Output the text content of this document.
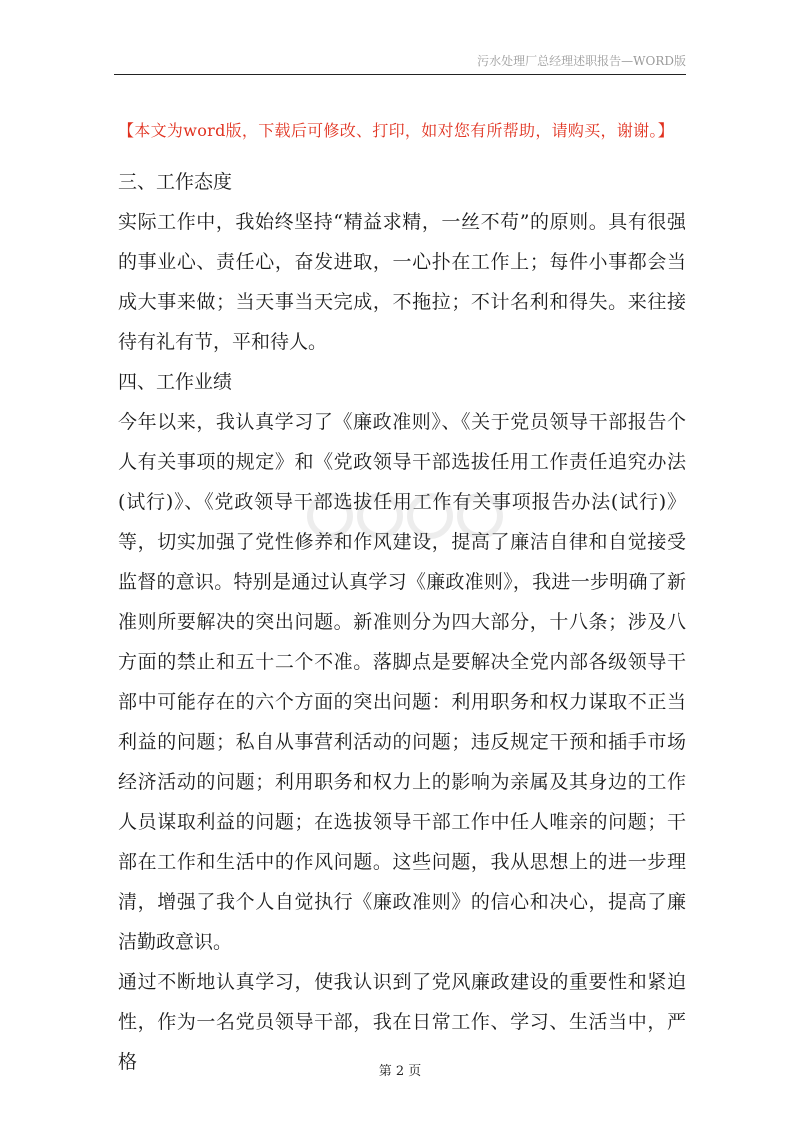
污水处理厂总经理述职报告—WORD版
【本文为word版，下载后可修改、打印，如对您有所帮助，请购买，谢谢。】

三、工作态度

实际工作中，我始终坚持“精益求精，一丝不苟”的原则。具有很强的事业心、责任心，奋发进取，一心扑在工作上；每件小事都会当成大事来做；当天事当天完成，不拖拉；不计名利和得失。来往接待有礼有节，平和待人。

四、工作业绩

今年以来，我认真学习了《廉政准则》、《关于党员领导干部报告个人有关事项的规定》和《党政领导干部选拔任用工作责任追究办法(试行)》、《党政领导干部选拔任用工作有关事项报告办法(试行)》等，切实加强了党性修养和作风建设，提高了廉洁自律和自觉接受监督的意识。特别是通过认真学习《廉政准则》，我进一步明确了新准则所要解决的突出问题。新准则分为四大部分，十八条；涉及八方面的禁止和五十二个不准。落脚点是要解决全党内部各级领导干部中可能存在的六个方面的突出问题：利用职务和权力谋取不正当利益的问题；私自从事营利活动的问题；违反规定干预和插手市场经济活动的问题；利用职务和权力上的影响为亲属及其身边的工作人员谋取利益的问题；在选拔领导干部工作中任人唯亲的问题；干部在工作和生活中的作风问题。这些问题，我从思想上的进一步理清，增强了我个人自觉执行《廉政准则》的信心和决心，提高了廉洁勤政意识。

通过不断地认真学习，使我认识到了党风廉政建设的重要性和紧迫性，作为一名党员领导干部，我在日常工作、学习、生活当中，严格	第 2 页
